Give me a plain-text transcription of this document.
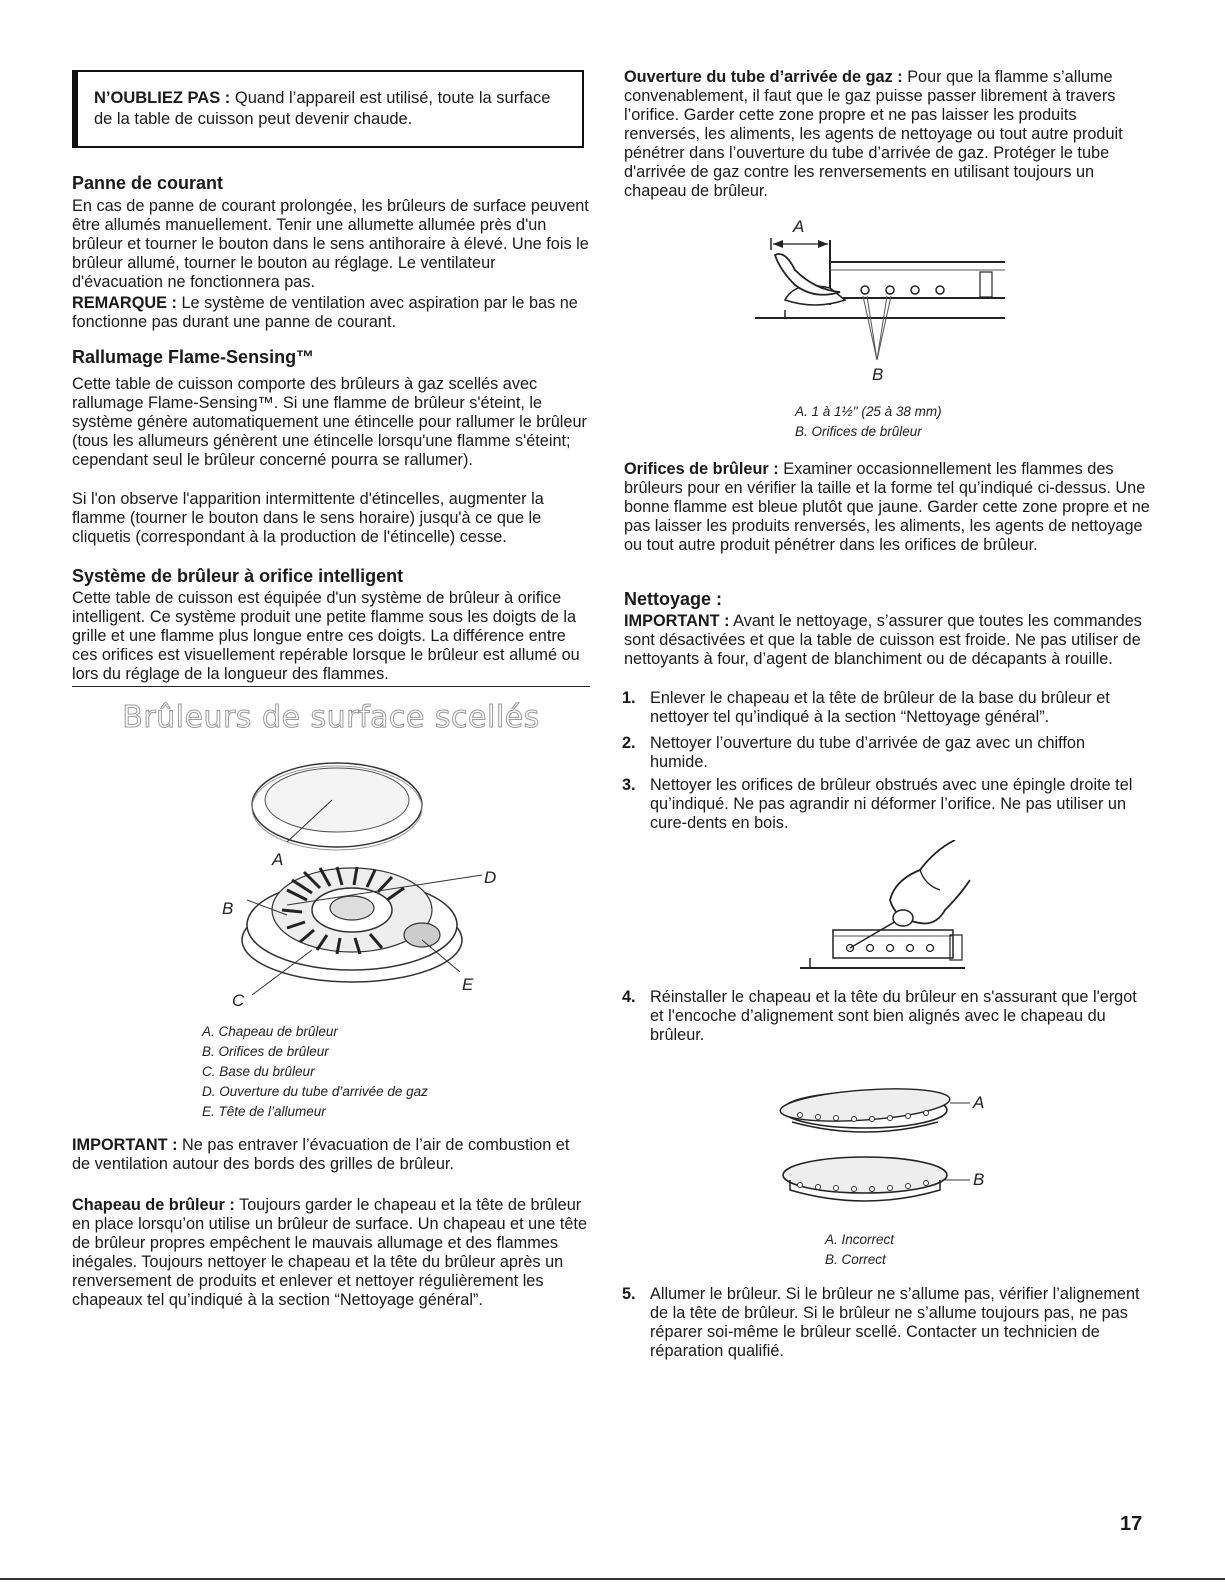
N’OUBLIEZ PAS : Quand l’appareil est utilisé, toute la surface de la table de cuisson peut devenir chaude.

Panne de courant

En cas de panne de courant prolongée, les brûleurs de surface peuvent être allumés manuellement. Tenir une allumette allumée près d'un brûleur et tourner le bouton dans le sens antihoraire à élevé. Une fois le brûleur allumé, tourner le bouton au réglage. Le ventilateur d'évacuation ne fonctionnera pas.

REMARQUE : Le système de ventilation avec aspiration par le bas ne fonctionne pas durant une panne de courant.

Rallumage Flame-Sensing™

Cette table de cuisson comporte des brûleurs à gaz scellés avec rallumage Flame-Sensing™. Si une flamme de brûleur s'éteint, le système génère automatiquement une étincelle pour rallumer le brûleur (tous les allumeurs génèrent une étincelle lorsqu'une flamme s'éteint; cependant seul le brûleur concerné pourra se rallumer).

Si l'on observe l'apparition intermittente d'étincelles, augmenter la flamme (tourner le bouton dans le sens horaire) jusqu'à ce que le cliquetis (correspondant à la production de l'étincelle) cesse.

Système de brûleur à orifice intelligent

Cette table de cuisson est équipée d'un système de brûleur à orifice intelligent. Ce système produit une petite flamme sous les doigts de la grille et une flamme plus longue entre ces doigts. La différence entre ces orifices est visuellement repérable lorsque le brûleur est allumé ou lors du réglage de la longueur des flammes.

A
B
C
D
E
A. Chapeau de brûleur
B. Orifices de brûleur
C. Base du brûleur
D. Ouverture du tube d’arrivée de gaz
E. Tête de l’allumeur

IMPORTANT : Ne pas entraver l’évacuation de l’air de combustion et de ventilation autour des bords des grilles de brûleur.

Chapeau de brûleur : Toujours garder le chapeau et la tête de brûleur en place lorsqu’on utilise un brûleur de surface. Un chapeau et une tête de brûleur propres empêchent le mauvais allumage et des flammes inégales. Toujours nettoyer le chapeau et la tête du brûleur après un renversement de produits et enlever et nettoyer régulièrement les chapeaux tel qu’indiqué à la section “Nettoyage général”.

Brûleurs de surface scellés

Ouverture du tube d’arrivée de gaz : Pour que la flamme s’allume convenablement, il faut que le gaz puisse passer librement à travers l’orifice. Garder cette zone propre et ne pas laisser les produits renversés, les aliments, les agents de nettoyage ou tout autre produit pénétrer dans l’ouverture du tube d’arrivée de gaz. Protéger le tube d'arrivée de gaz contre les renversements en utilisant toujours un chapeau de brûleur.

A
B
A. 1 à 1½" (25 à 38 mm)
B. Orifices de brûleur

Orifices de brûleur : Examiner occasionnellement les flammes des brûleurs pour en vérifier la taille et la forme tel qu’indiqué ci-dessus. Une bonne flamme est bleue plutôt que jaune. Garder cette zone propre et ne pas laisser les produits renversés, les aliments, les agents de nettoyage ou tout autre produit pénétrer dans les orifices de brûleur.

Nettoyage :

IMPORTANT : Avant le nettoyage, s’assurer que toutes les commandes sont désactivées et que la table de cuisson est froide. Ne pas utiliser de nettoyants à four, d’agent de blanchiment ou de décapants à rouille.

1. Enlever le chapeau et la tête de brûleur de la base du brûleur et nettoyer tel qu’indiqué à la section “Nettoyage général”.

2. Nettoyer l’ouverture du tube d’arrivée de gaz avec un chiffon humide.

3. Nettoyer les orifices de brûleur obstrués avec une épingle droite tel qu’indiqué. Ne pas agrandir ni déformer l’orifice. Ne pas utiliser un cure-dents en bois.

4. Réinstaller le chapeau et la tête du brûleur en s'assurant que l'ergot et l'encoche d’alignement sont bien alignés avec le chapeau du brûleur.

A
B
A. Incorrect
B. Correct
5. Allumer le brûleur. Si le brûleur ne s’allume pas, vérifier l’alignement de la tête de brûleur. Si le brûleur ne s’allume toujours pas, ne pas réparer soi-même le brûleur scellé. Contacter un technicien de réparation qualifié.

17
